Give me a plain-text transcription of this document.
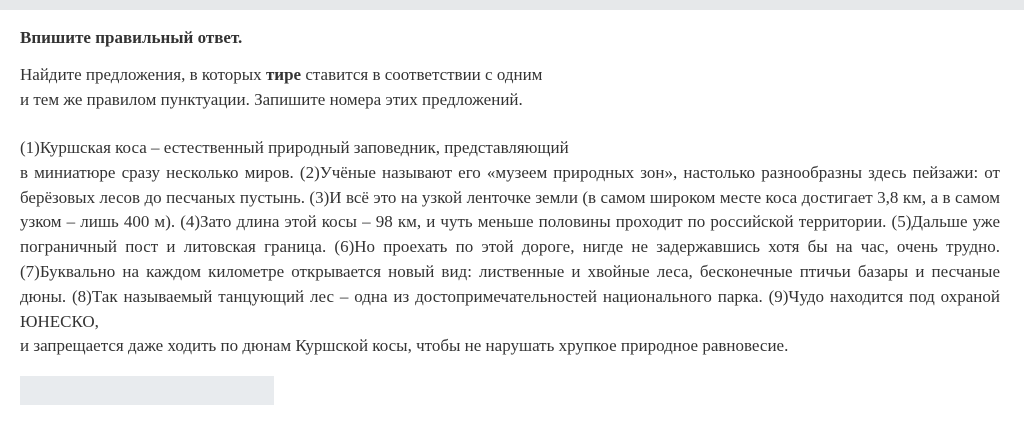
Впишите правильный ответ.

Найдите предложения, в которых тире ставится в соответствии с одним
и тем же правилом пунктуации. Запишите номера этих предложений.

(1)Куршская коса – естественный природный заповедник, представляющий

в миниатюре сразу несколько миров. (2)Учёные называют его «музеем природных зон», настолько разнообразны здесь пейзажи: от берёзовых лесов до песчаных пустынь. (3)И всё это на узкой ленточке земли (в самом широком месте коса достигает 3,8 км, а в самом узком – лишь 400 м). (4)Зато длина этой косы – 98 км, и чуть меньше половины проходит по российской территории. (5)Дальше уже пограничный пост и литовская граница. (6)Но проехать по этой дороге, нигде не задержавшись хотя бы на час, очень трудно. (7)Буквально на каждом километре открывается новый вид: лиственные и хвойные леса, бесконечные птичьи базары и песчаные дюны. (8)Так называемый танцующий лес – одна из достопримечательностей национального парка. (9)Чудо находится под охраной ЮНЕСКО,
и запрещается даже ходить по дюнам Куршской косы, чтобы не нарушать хрупкое природное равновесие.
